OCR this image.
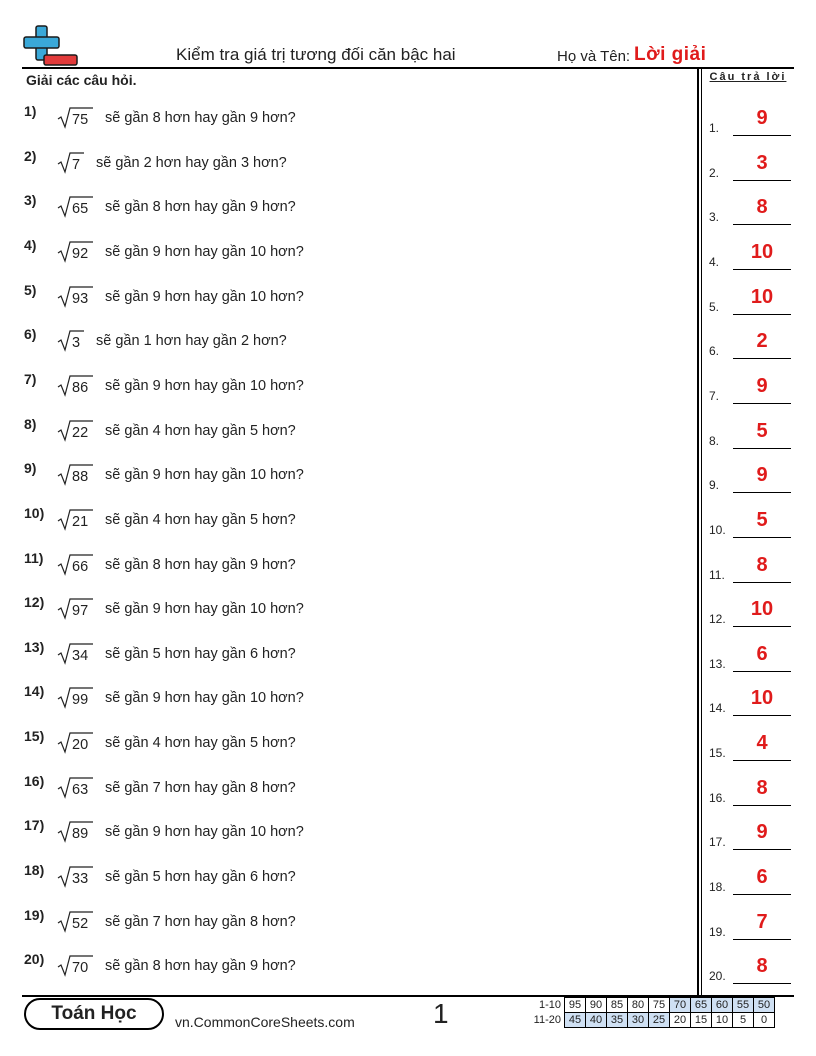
Kiểm tra giá trị tương đối căn bậc hai	Họ và Tên: Lời giải
Giải các câu hỏi.	Câu trả lời
1)
75 sẽ gần 8 hơn hay gần 9 hơn?
2)
7 sẽ gần 2 hơn hay gần 3 hơn?
3)
65 sẽ gần 8 hơn hay gần 9 hơn?
4)
92 sẽ gần 9 hơn hay gần 10 hơn?
5)
93 sẽ gần 9 hơn hay gần 10 hơn?
6)
3 sẽ gần 1 hơn hay gần 2 hơn?
7)
86 sẽ gần 9 hơn hay gần 10 hơn?
8)
22 sẽ gần 4 hơn hay gần 5 hơn?
9)
88 sẽ gần 9 hơn hay gần 10 hơn?
10)
21 sẽ gần 4 hơn hay gần 5 hơn?
11)
66 sẽ gần 8 hơn hay gần 9 hơn?
12)
97 sẽ gần 9 hơn hay gần 10 hơn?
13)
34 sẽ gần 5 hơn hay gần 6 hơn?
14)
99 sẽ gần 9 hơn hay gần 10 hơn?
15)
20 sẽ gần 4 hơn hay gần 5 hơn?
16)
63 sẽ gần 7 hơn hay gần 8 hơn?
17)
89 sẽ gần 9 hơn hay gần 10 hơn?
18)
33 sẽ gần 5 hơn hay gần 6 hơn?
19)
52 sẽ gần 7 hơn hay gần 8 hơn?
20)
70 sẽ gần 8 hơn hay gần 9 hơn?
1.	9
2.	3
3.	8
4.	10
5.	10
6.	2
7.	9
8.	5
9.	9
10.	5
11.	8
12.	10
13.	6
14.	10
15.	4
16.	8
17.	9
18.	6
19.	7
20.	8
Toán Học	vn.CommonCoreSheets.com	1	1-10	95	90	85	80	75	70	65	60	55	50
11-20	45	40	35	30	25	20	15	10	5	0
